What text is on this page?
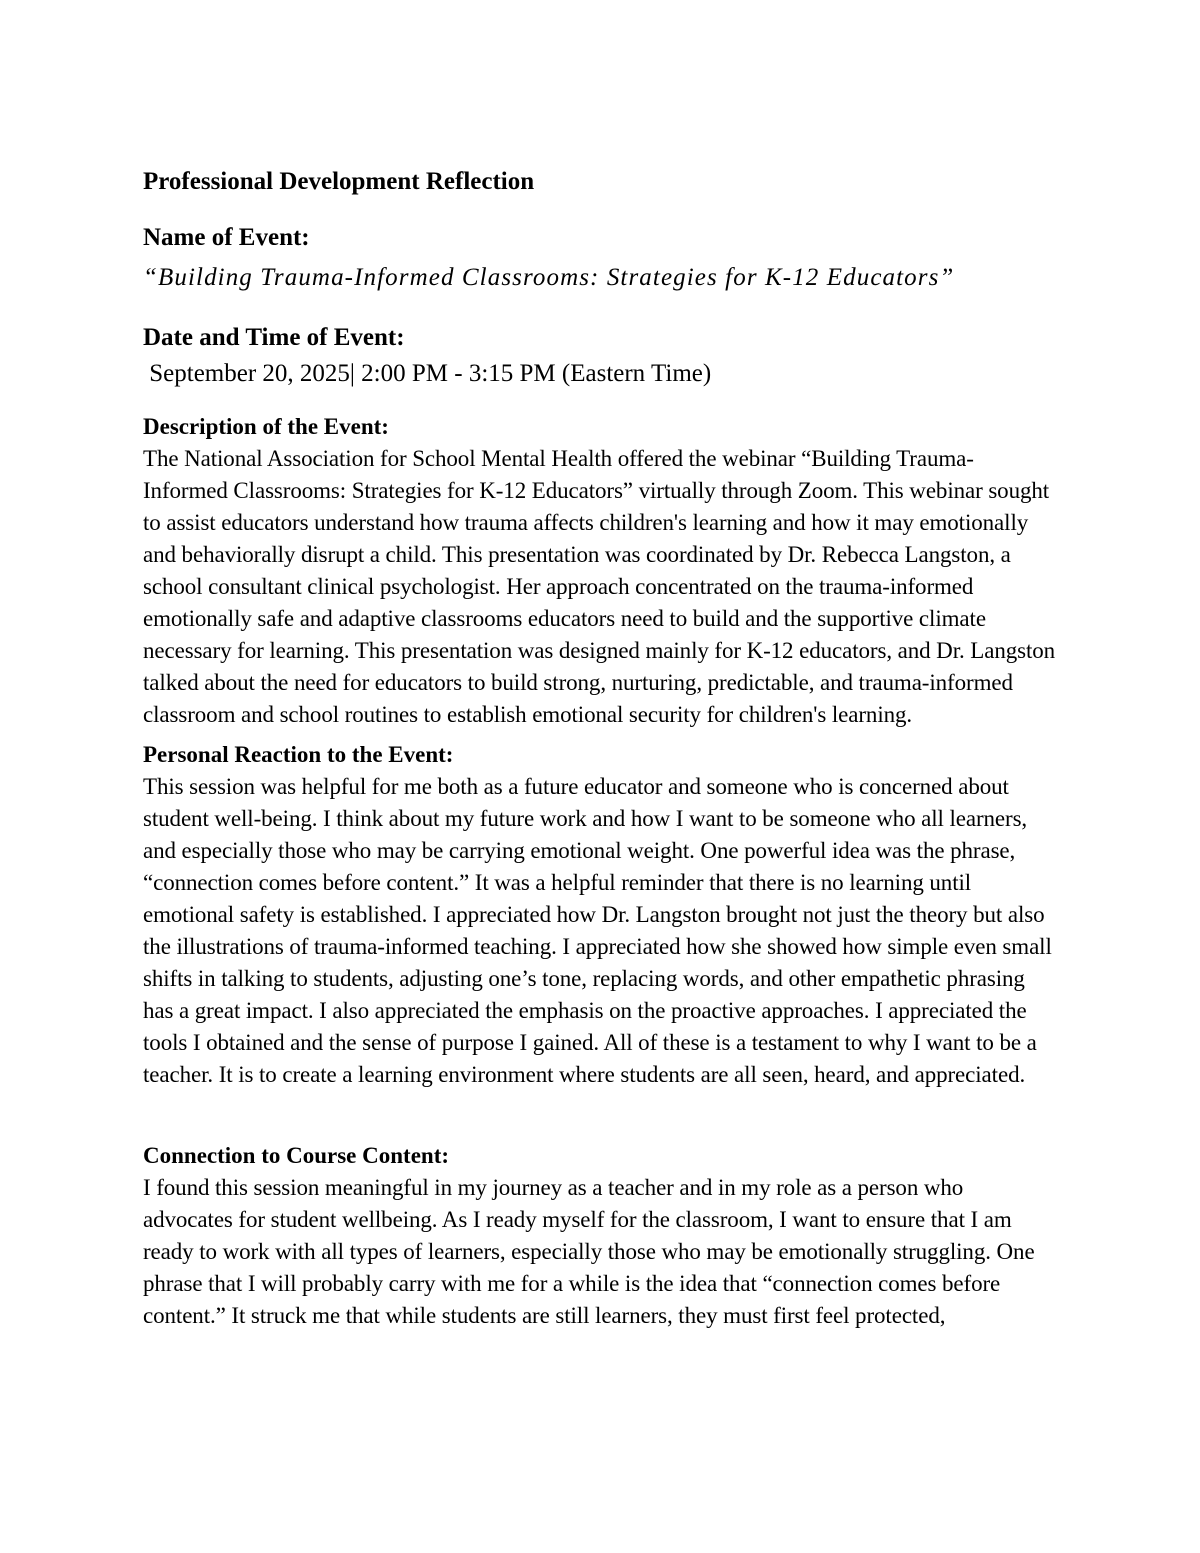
Professional Development Reflection
Name of Event:

“Building Trauma-Informed Classrooms: Strategies for K-12 Educators”

Date and Time of Event:

September 20, 2025| 2:00 PM - 3:15 PM (Eastern Time)

Description of the Event:

The National Association for School Mental Health offered the webinar “Building Trauma-Informed Classrooms: Strategies for K-12 Educators” virtually through Zoom. This webinar sought to assist educators understand how trauma affects children's learning and how it may emotionally and behaviorally disrupt a child. This presentation was coordinated by Dr. Rebecca Langston, a school consultant clinical psychologist. Her approach concentrated on the trauma-informed emotionally safe and adaptive classrooms educators need to build and the supportive climate necessary for learning. This presentation was designed mainly for K-12 educators, and Dr. Langston talked about the need for educators to build strong, nurturing, predictable, and trauma-informed classroom and school routines to establish emotional security for children's learning.

Personal Reaction to the Event:

This session was helpful for me both as a future educator and someone who is concerned about student well-being. I think about my future work and how I want to be someone who all learners, and especially those who may be carrying emotional weight. One powerful idea was the phrase, “connection comes before content.” It was a helpful reminder that there is no learning until emotional safety is established. I appreciated how Dr. Langston brought not just the theory but also the illustrations of trauma-informed teaching. I appreciated how she showed how simple even small shifts in talking to students, adjusting one’s tone, replacing words, and other empathetic phrasing has a great impact. I also appreciated the emphasis on the proactive approaches. I appreciated the tools I obtained and the sense of purpose I gained. All of these is a testament to why I want to be a teacher. It is to create a learning environment where students are all seen, heard, and appreciated.

Connection to Course Content:

I found this session meaningful in my journey as a teacher and in my role as a person who advocates for student wellbeing. As I ready myself for the classroom, I want to ensure that I am ready to work with all types of learners, especially those who may be emotionally struggling. One phrase that I will probably carry with me for a while is the idea that “connection comes before content.” It struck me that while students are still learners, they must first feel protected,
